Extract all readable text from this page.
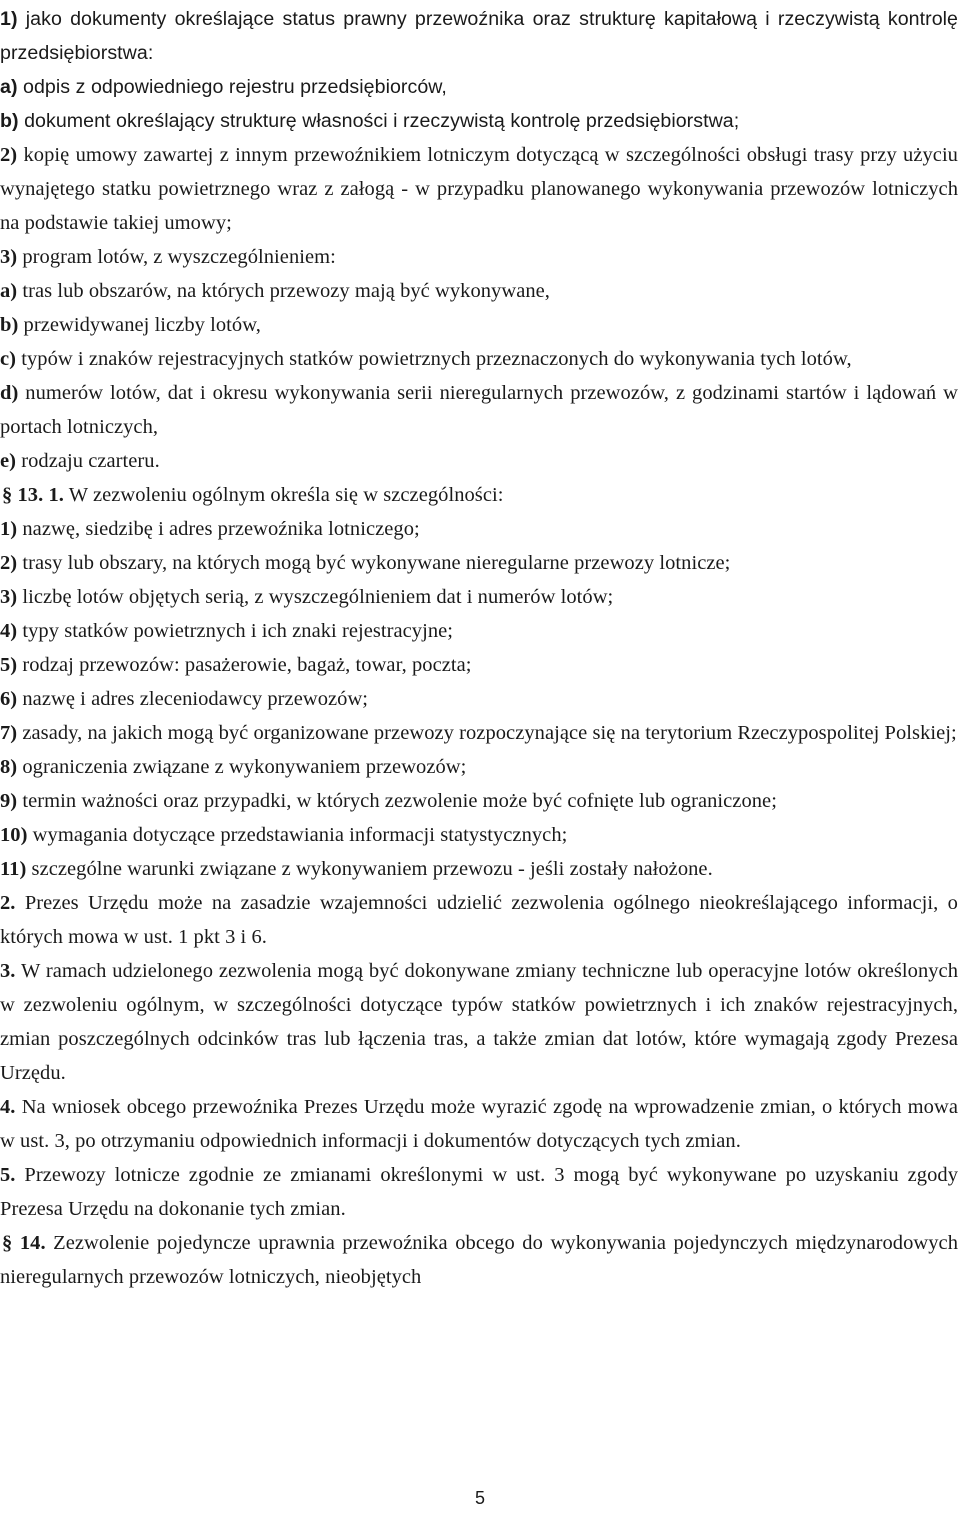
1) jako dokumenty określające status prawny przewoźnika oraz strukturę kapitałową i rzeczywistą kontrolę przedsiębiorstwa:

a) odpis z odpowiedniego rejestru przedsiębiorców,

b) dokument określający strukturę własności i rzeczywistą kontrolę przedsiębiorstwa;

2) kopię umowy zawartej z innym przewoźnikiem lotniczym dotyczącą w szczególności obsługi trasy przy użyciu wynajętego statku powietrznego wraz z załogą - w przypadku planowanego wykonywania przewozów lotniczych na podstawie takiej umowy;

3) program lotów, z wyszczególnieniem:

a) tras lub obszarów, na których przewozy mają być wykonywane,

b) przewidywanej liczby lotów,

c) typów i znaków rejestracyjnych statków powietrznych przeznaczonych do wykonywania tych lotów,

d) numerów lotów, dat i okresu wykonywania serii nieregularnych przewozów, z godzinami startów i lądowań w portach lotniczych,

e) rodzaju czarteru.

§ 13. 1. W zezwoleniu ogólnym określa się w szczególności:

1) nazwę, siedzibę i adres przewoźnika lotniczego;

2) trasy lub obszary, na których mogą być wykonywane nieregularne przewozy lotnicze;

3) liczbę lotów objętych serią, z wyszczególnieniem dat i numerów lotów;

4) typy statków powietrznych i ich znaki rejestracyjne;

5) rodzaj przewozów: pasażerowie, bagaż, towar, poczta;

6) nazwę i adres zleceniodawcy przewozów;

7) zasady, na jakich mogą być organizowane przewozy rozpoczynające się na terytorium Rzeczypospolitej Polskiej;

8) ograniczenia związane z wykonywaniem przewozów;

9) termin ważności oraz przypadki, w których zezwolenie może być cofnięte lub ograniczone;

10) wymagania dotyczące przedstawiania informacji statystycznych;

11) szczególne warunki związane z wykonywaniem przewozu - jeśli zostały nałożone.

2. Prezes Urzędu może na zasadzie wzajemności udzielić zezwolenia ogólnego nieokreślającego informacji, o których mowa w ust. 1 pkt 3 i 6.

3. W ramach udzielonego zezwolenia mogą być dokonywane zmiany techniczne lub operacyjne lotów określonych w zezwoleniu ogólnym, w szczególności dotyczące typów statków powietrznych i ich znaków rejestracyjnych, zmian poszczególnych odcinków tras lub łączenia tras, a także zmian dat lotów, które wymagają zgody Prezesa Urzędu.

4. Na wniosek obcego przewoźnika Prezes Urzędu może wyrazić zgodę na wprowadzenie zmian, o których mowa w ust. 3, po otrzymaniu odpowiednich informacji i dokumentów dotyczących tych zmian.

5. Przewozy lotnicze zgodnie ze zmianami określonymi w ust. 3 mogą być wykonywane po uzyskaniu zgody Prezesa Urzędu na dokonanie tych zmian.

§ 14. Zezwolenie pojedyncze uprawnia przewoźnika obcego do wykonywania pojedynczych międzynarodowych nieregularnych przewozów lotniczych, nieobjętych

5
